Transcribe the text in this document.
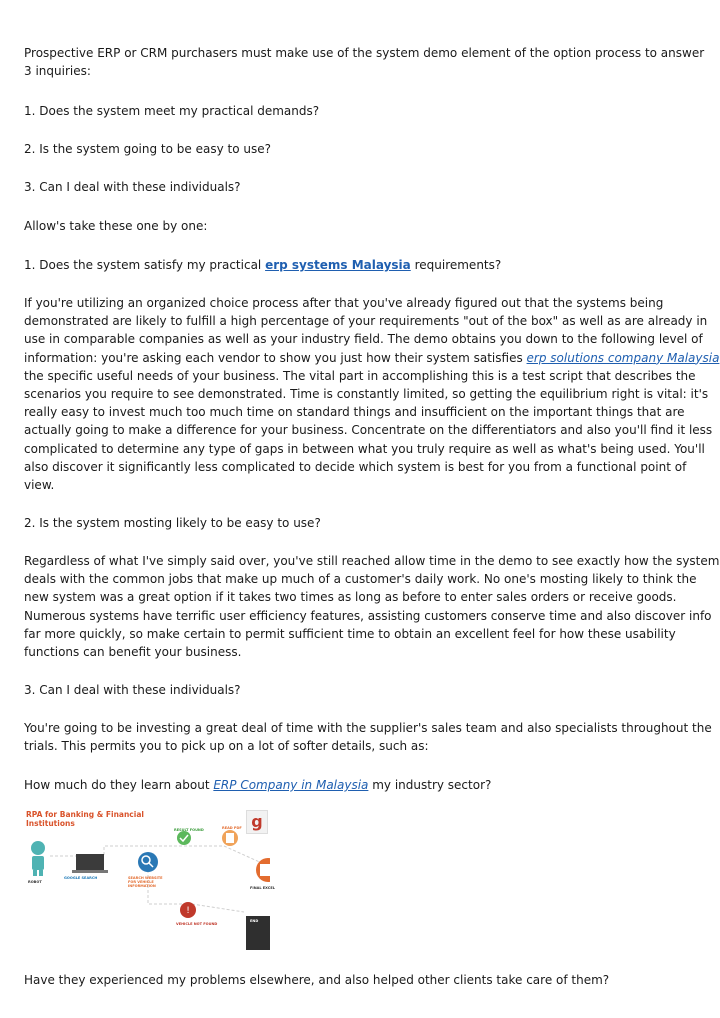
Prospective ERP or CRM purchasers must make use of the system demo element of the option process to answer
3 inquiries:
1. Does the system meet my practical demands?
2. Is the system going to be easy to use?
3. Can I deal with these individuals?
Allow's take these one by one:
1. Does the system satisfy my practical erp systems Malaysia requirements?
If you're utilizing an organized choice process after that you've already figured out that the systems being
demonstrated are likely to fulfill a high percentage of your requirements "out of the box" as well as are already in
use in comparable companies as well as your industry field. The demo obtains you down to the following level of
information: you're asking each vendor to show you just how their system satisfies erp solutions company Malaysia
the specific useful needs of your business. The vital part in accomplishing this is a test script that describes the
scenarios you require to see demonstrated. Time is constantly limited, so getting the equilibrium right is vital: it's
really easy to invest much too much time on standard things and insufficient on the important things that are
actually going to make a difference for your business. Concentrate on the differentiators and also you'll find it less
complicated to determine any type of gaps in between what you truly require as well as what's being used. You'll
also discover it significantly less complicated to decide which system is best for you from a functional point of
view.
2. Is the system mosting likely to be easy to use?
Regardless of what I've simply said over, you've still reached allow time in the demo to see exactly how the system
deals with the common jobs that make up much of a customer's daily work. No one's mosting likely to think the
new system was a great option if it takes two times as long as before to enter sales orders or receive goods.
Numerous systems have terrific user efficiency features, assisting customers conserve time and also discover info
far more quickly, so make certain to permit sufficient time to obtain an excellent feel for how these usability
functions can benefit your business.
3. Can I deal with these individuals?
You're going to be investing a great deal of time with the supplier's sales team and also specialists throughout the
trials. This permits you to pick up on a lot of softer details, such as:
How much do they learn about ERP Company in Malaysia my industry sector?
RPA for Banking & Financial
Institutions	g
!
ROBOT
GOOGLE SEARCH	SEARCH WEBSITE
FOR VEHICLE
INFORMATION
RESULT FOUND	READ PDF
FINAL EXCEL
VEHICLE NOT FOUND
END
Have they experienced my problems elsewhere, and also helped other clients take care of them?
